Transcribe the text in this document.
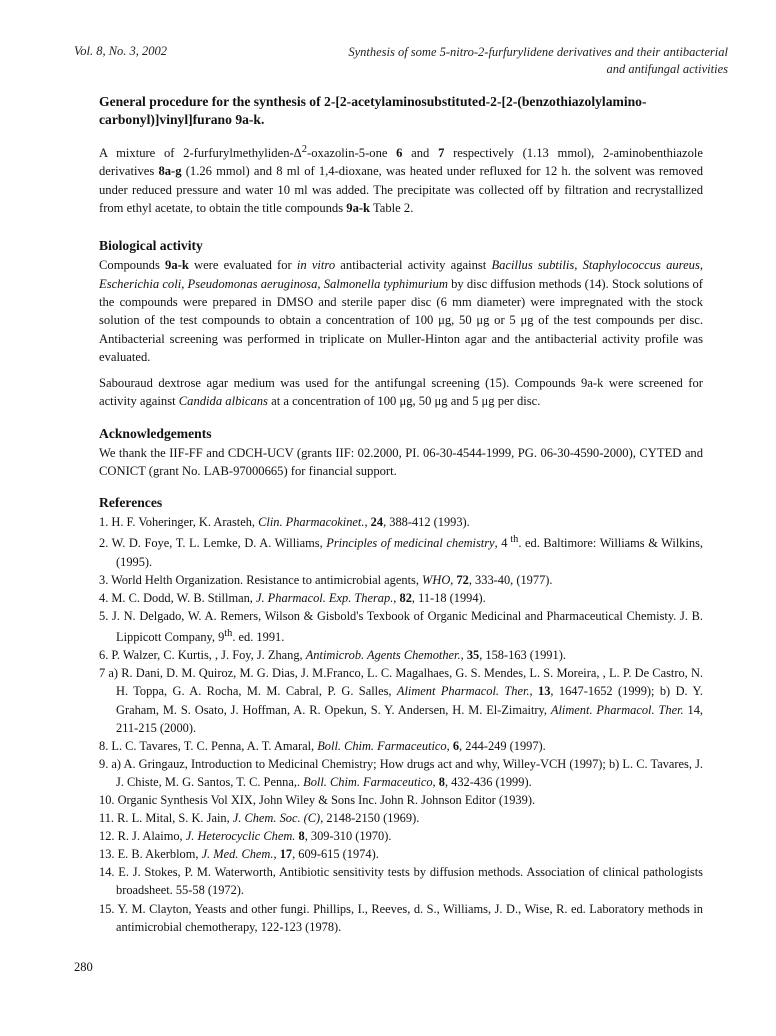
Vol. 8, No. 3, 2002	Synthesis of some 5-nitro-2-furfurylidene derivatives and their antibacterial
and antifungal activities
General procedure for the synthesis of 2-[2-acetylaminosubstituted-2-[2-(benzothiazolylamino-carbonyl)]vinyl]furano 9a-k.

A mixture of $2-furfurylmethyliden-\Delta^2-oxazolin-5$-one 6 and 7 respectively (1.13 mmol), 2-aminobenthiazole derivatives 8a-g (1.26 mmol) and 8 ml of 1,4-dioxane, was heated under refluxed for 12 h. the solvent was removed under reduced pressure and water 10 ml was added. The precipitate was collected off by filtration and recrystallized from ethyl acetate, to obtain the title compounds 9a-k Table 2.

Biological activity

Compounds 9a-k were evaluated for in vitro antibacterial activity against Bacillus subtilis, Staphylococcus aureus, Escherichia coli, Pseudomonas aeruginosa, Salmonella typhimurium by disc diffusion methods (14). Stock solutions of the compounds were prepared in DMSO and sterile paper disc (6 mm diameter) were impregnated with the stock solution of the test compounds to obtain a concentration of 100 μg, 50 μg or 5 μg of the test compounds per disc. Antibacterial screening was performed in triplicate on Muller-Hinton agar and the antibacterial activity profile was evaluated.

Sabouraud dextrose agar medium was used for the antifungal screening (15). Compounds 9a-k were screened for activity against Candida albicans at a concentration of 100 μg, 50 μg and 5 μg per disc.

Acknowledgements

We thank the IIF-FF and CDCH-UCV (grants IIF: 02.2000, PI. 06-30-4544-1999, PG. 06-30-4590-2000), CYTED and CONICT (grant No. LAB-97000665) for financial support.

References
1. H. F. Voheringer, K. Arasteh, Clin. Pharmacokinet., 24, 388-412 (1993).
2. W. D. Foye, T. L. Lemke, D. A. Williams, Principles of medicinal chemistry, 4 $^{th}$. ed. Baltimore: Williams & Wilkins, (1995).
3. World Helth Organization. Resistance to antimicrobial agents, WHO, 72, 333-40, (1977).
4. M. C. Dodd, W. B. Stillman, J. Pharmacol. Exp. Therap., 82, 11-18 (1994).
5. J. N. Delgado, W. A. Remers, Wilson & Gisbold's Texbook of Organic Medicinal and Pharmaceutical Chemisty. J. B. Lippicott Company, 9th. ed. 1991.
6. P. Walzer, C. Kurtis, , J. Foy, J. Zhang, Antimicrob. Agents Chemother., 35, 158-163 (1991).
7 a) R. Dani, D. M. Quiroz, M. G. Dias, J. M.Franco, L. C. Magalhaes, G. S. Mendes, L. S. Moreira, , L. P. De Castro, N. H. Toppa, G. A. Rocha, M. M. Cabral, P. G. Salles, Aliment Pharmacol. Ther., 13, 1647-1652 (1999); b) D. Y. Graham, M. S. Osato, J. Hoffman, A. R. Opekun, S. Y. Andersen, H. M. El-Zimaitry, Aliment. Pharmacol. Ther. 14, 211-215 (2000).
8. L. C. Tavares, T. C. Penna, A. T. Amaral, Boll. Chim. Farmaceutico, 6, 244-249 (1997).
9. a) A. Gringauz, Introduction to Medicinal Chemistry; How drugs act and why, Willey-VCH (1997); b) L. C. Tavares, J. J. Chiste, M. G. Santos, T. C. Penna,. Boll. Chim. Farmaceutico, 8, 432-436 (1999).
10. Organic Synthesis Vol XIX, John Wiley & Sons Inc. John R. Johnson Editor (1939).
11. R. L. Mital, S. K. Jain, J. Chem. Soc. (C), 2148-2150 (1969).
12. R. J. Alaimo, J. Heterocyclic Chem. 8, 309-310 (1970).
13. E. B. Akerblom, J. Med. Chem., 17, 609-615 (1974).
14. E. J. Stokes, P. M. Waterworth, Antibiotic sensitivity tests by diffusion methods. Association of clinical pathologists broadsheet. 55-58 (1972).
15. Y. M. Clayton, Yeasts and other fungi. Phillips, I., Reeves, d. S., Williams, J. D., Wise, R. ed. Laboratory methods in antimicrobial chemotherapy, 122-123 (1978).
280
